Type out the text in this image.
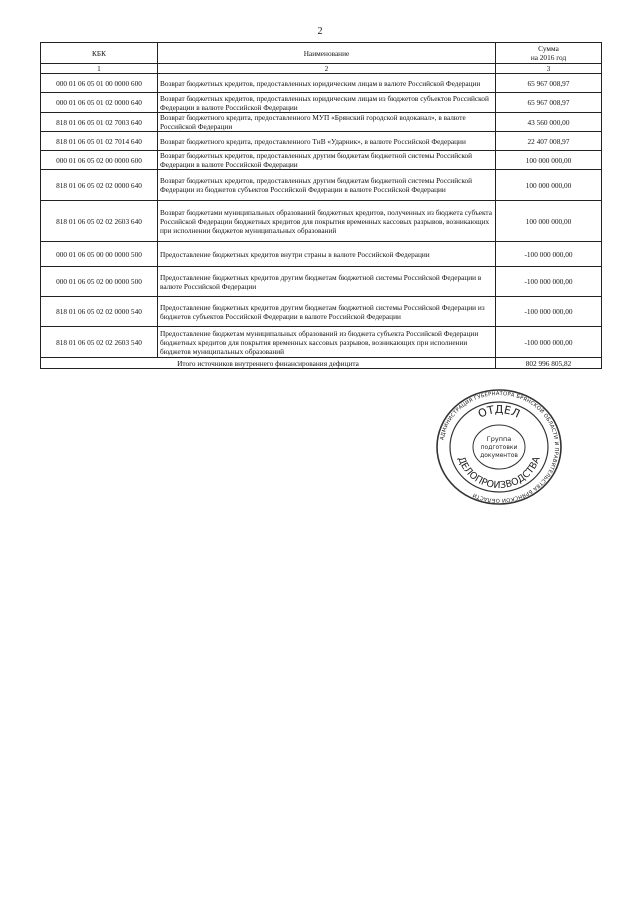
2
КБК	Наименование	Сумма
на 2016 год
1	2	3
000 01 06 05 01 00 0000 600	Возврат бюджетных кредитов, предоставленных юридическим лицам в валюте Российской Федерации	65 967 008,97
000 01 06 05 01 02 0000 640	Возврат бюджетных кредитов, предоставленных юридическим лицам из бюджетов субъектов Российской Федерации в валюте Российской Федерации	65 967 008,97
818 01 06 05 01 02 7003 640	Возврат бюджетного кредита, предоставленного МУП «Брянский городской водоканал», в валюте Российской Федерации	43 560 000,00
818 01 06 05 01 02 7014 640	Возврат бюджетного кредита, предоставленного ТнВ «Ударник», в валюте Российской Федерации	22 407 008,97
000 01 06 05 02 00 0000 600	Возврат бюджетных кредитов, предоставленных другим бюджетам бюджетной системы Российской Федерации в валюте Российской Федерации	100 000 000,00
818 01 06 05 02 02 0000 640	Возврат бюджетных кредитов, предоставленных другим бюджетам бюджетной системы Российской Федерации из бюджетов субъектов Российской Федерации в валюте Российской Федерации	100 000 000,00
818 01 06 05 02 02 2603 640	Возврат бюджетами муниципальных образований бюджетных кредитов, полученных из бюджета субъекта Российской Федерации бюджетных кредитов для покрытия временных кассовых разрывов, возникающих при исполнении бюджетов муниципальных образований	100 000 000,00
000 01 06 05 00 00 0000 500	Предоставление бюджетных кредитов внутри страны в валюте Российской Федерации	-100 000 000,00
000 01 06 05 02 00 0000 500	Предоставление бюджетных кредитов другим бюджетам бюджетной системы Российской Федерации в валюте Российской Федерации	-100 000 000,00
818 01 06 05 02 02 0000 540	Предоставление бюджетных кредитов другим бюджетам бюджетной системы Российской Федерации из бюджетов субъектов Российской Федерации в валюте Российской Федерации	-100 000 000,00
818 01 06 05 02 02 2603 540	Предоставление бюджетам муниципальных образований из бюджета субъекта Российской Федерации бюджетных кредитов для покрытия временных кассовых разрывов, возникающих при исполнении бюджетов муниципальных образований	-100 000 000,00
Итого источников внутреннего финансирования дефицита		802 996 805,82
АДМИНИСТРАЦИЯ ГУБЕРНАТОРА БРЯНСКОЙ ОБЛАСТИ И ПРАВИТЕЛЬСТВА БРЯНСКОЙ ОБЛАСТИ
ОТДЕЛ
ДЕЛОПРОИЗВОДСТВА
Группа
подготовки
документов
